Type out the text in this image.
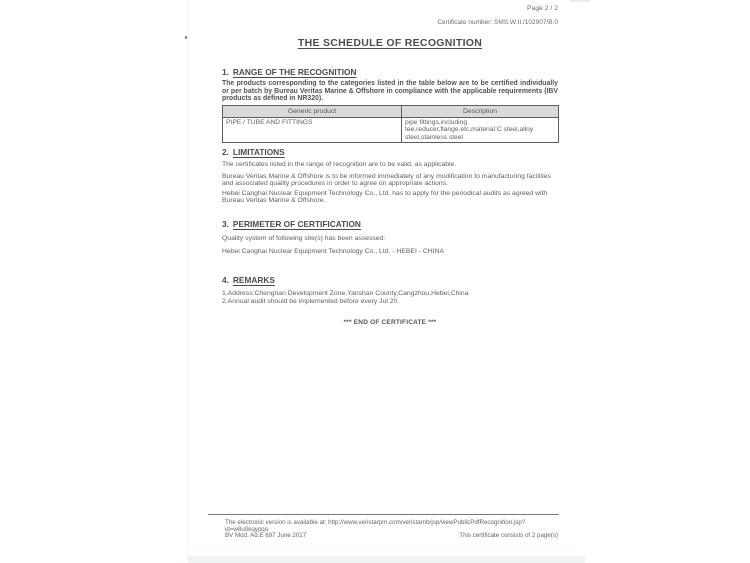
Page 2 / 2
Certificate number: SMS.W.II./102907/B.0
THE SCHEDULE OF RECOGNITION
1. RANGE OF THE RECOGNITION
The products corresponding to the categories listed in the table below are to be certified individually or per batch by Bureau Veritas Marine & Offshore in compliance with the applicable requirements (IBV products as defined in NR320).
Generic product	Description
PIPE / TUBE AND FITTINGS	pipe fittings,including tee,reducer,flange,etc,material:C steel,alloy steel,stainless steel
2. LIMITATIONS
The certificates listed in the range of recognition are to be valid, as applicable.
Bureau Veritas Marine & Offshore is to be informed immediately of any modification to manufacturing facilities and associated quality procedures in order to agree on appropriate actions.
Hebei Canghai Nuclear Equipment Technology Co., Ltd. has to apply for the periodical audits as agreed with Bureau Veritas Marine & Offshore.
3. PERIMETER OF CERTIFICATION
Quality system of following site(s) has been assessed:
Hebei Canghai Nuclear Equipment Technology Co., Ltd. - HEBEI - CHINA
4. REMARKS
1.Address:Chengnan Development Zone,Yanshan County,Cangzhou,Hebei,China
2.Annual audit should be implemented before every Jul 20.
*** END OF CERTIFICATE ***
The electronic version is available at: http://www.veristarpm.com/veristarnb/jsp/viewPublicPdfRecognition.jsp?id=w8u0kqypqo
BV Mod. Ad.E 697 June 2017	This certificate consists of 2 page(s)
